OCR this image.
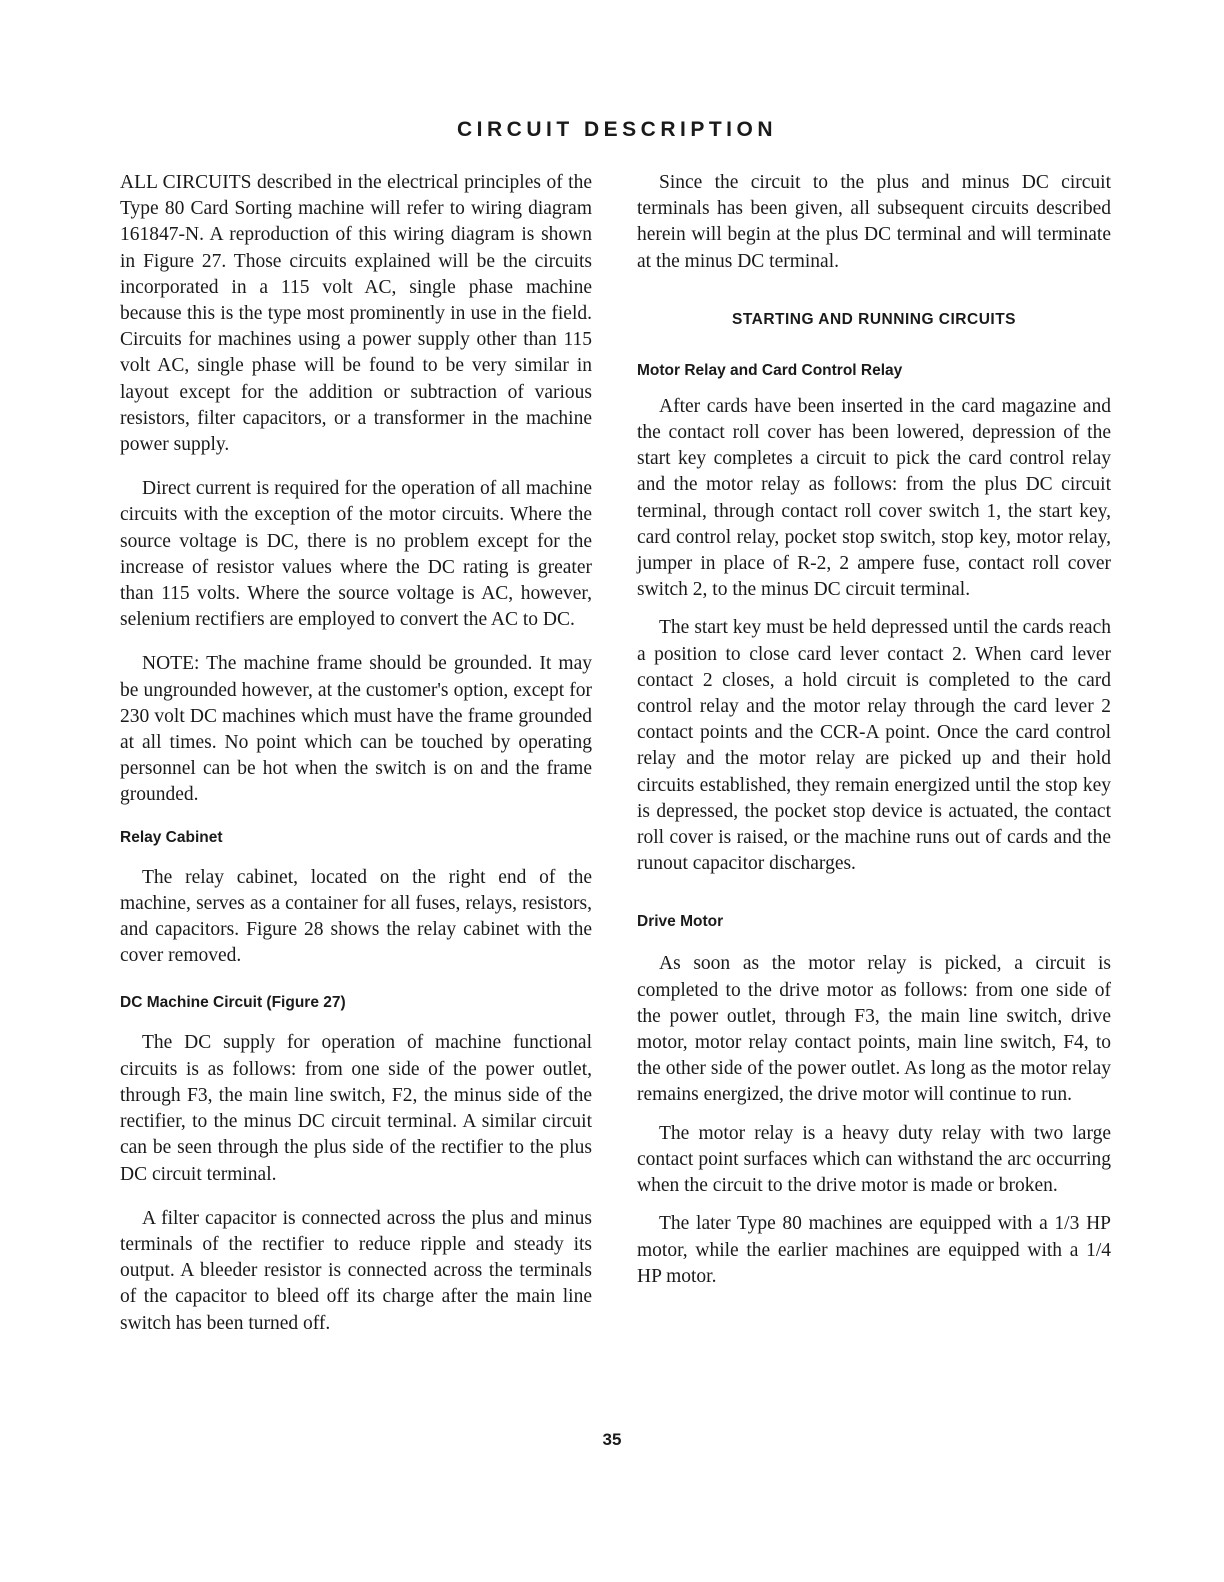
CIRCUIT DESCRIPTION

ALL CIRCUITS described in the electrical principles of the Type 80 Card Sorting machine will refer to wiring diagram 161847-N. A reproduction of this wiring diagram is shown in Figure 27. Those circuits explained will be the circuits incorporated in a 115 volt AC, single phase machine because this is the type most prominently in use in the field. Circuits for machines using a power supply other than 115 volt AC, single phase will be found to be very similar in layout except for the addition or subtraction of various resistors, filter capacitors, or a transformer in the machine power supply.

Direct current is required for the operation of all machine circuits with the exception of the motor circuits. Where the source voltage is DC, there is no problem except for the increase of resistor values where the DC rating is greater than 115 volts. Where the source voltage is AC, however, selenium rectifiers are employed to convert the AC to DC.

NOTE: The machine frame should be grounded. It may be ungrounded however, at the customer's option, except for 230 volt DC machines which must have the frame grounded at all times. No point which can be touched by operating personnel can be hot when the switch is on and the frame grounded.

Relay Cabinet

The relay cabinet, located on the right end of the machine, serves as a container for all fuses, relays, resistors, and capacitors. Figure 28 shows the relay cabinet with the cover removed.

DC Machine Circuit (Figure 27)

The DC supply for operation of machine functional circuits is as follows: from one side of the power outlet, through F3, the main line switch, F2, the minus side of the rectifier, to the minus DC circuit terminal. A similar circuit can be seen through the plus side of the rectifier to the plus DC circuit terminal.

A filter capacitor is connected across the plus and minus terminals of the rectifier to reduce ripple and steady its output. A bleeder resistor is connected across the terminals of the capacitor to bleed off its charge after the main line switch has been turned off.

Since the circuit to the plus and minus DC circuit terminals has been given, all subsequent circuits described herein will begin at the plus DC terminal and will terminate at the minus DC terminal.

STARTING AND RUNNING CIRCUITS
Motor Relay and Card Control Relay

After cards have been inserted in the card magazine and the contact roll cover has been lowered, depression of the start key completes a circuit to pick the card control relay and the motor relay as follows: from the plus DC circuit terminal, through contact roll cover switch 1, the start key, card control relay, pocket stop switch, stop key, motor relay, jumper in place of R-2, 2 ampere fuse, contact roll cover switch 2, to the minus DC circuit terminal.

The start key must be held depressed until the cards reach a position to close card lever contact 2. When card lever contact 2 closes, a hold circuit is completed to the card control relay and the motor relay through the card lever 2 contact points and the CCR-A point. Once the card control relay and the motor relay are picked up and their hold circuits established, they remain energized until the stop key is depressed, the pocket stop device is actuated, the contact roll cover is raised, or the machine runs out of cards and the runout capacitor discharges.

Drive Motor

As soon as the motor relay is picked, a circuit is completed to the drive motor as follows: from one side of the power outlet, through F3, the main line switch, drive motor, motor relay contact points, main line switch, F4, to the other side of the power outlet. As long as the motor relay remains energized, the drive motor will continue to run.

The motor relay is a heavy duty relay with two large contact point surfaces which can withstand the arc occurring when the circuit to the drive motor is made or broken.

The later Type 80 machines are equipped with a 1/3 HP motor, while the earlier machines are equipped with a 1/4 HP motor.

35
